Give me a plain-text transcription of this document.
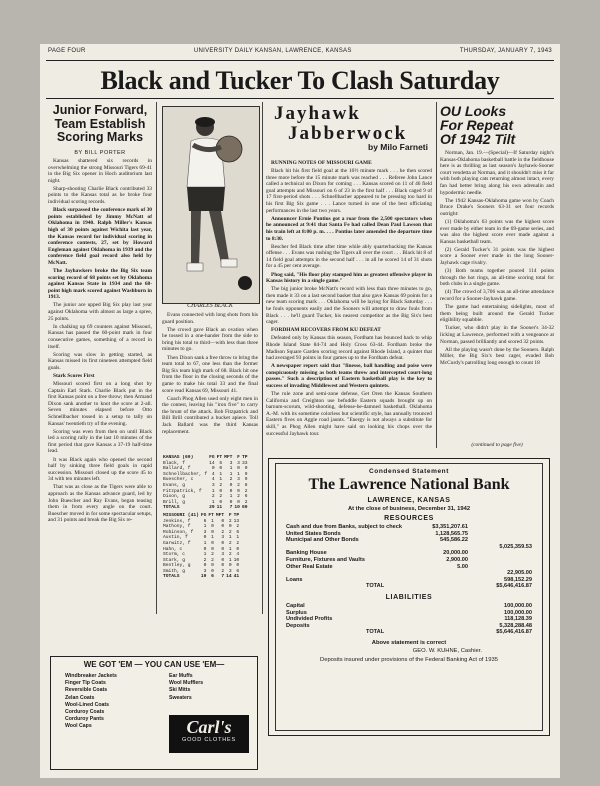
PAGE FOUR	UNIVERSITY DAILY KANSAN, LAWRENCE, KANSAS	THURSDAY, JANUARY 7, 1943
Black and Tucker To Clash Saturday
Junior Forward,
Team Establish
Scoring Marks
BY BILL PORTER

Kansas shattered six records in overwhelming the strong Missouri Tigers 69-41 in the Big Six opener in Hoch auditorium last night.

Sharp-shooting Charlie Black contributed 33 points to the Kansas total as he broke four individual scoring records.

Black surpassed the conference mark of 30 points established by Jimmy McNatt of Oklahoma in 1940. Ralph Miller's Kansas high of 30 points against Wichita last year, the Kansas record for individual scoring in conference contests, 27, set by Howard Engleman against Oklahoma in 1939 and the conference field goal record also held by McNatt.

The Jayhawkers broke the Big Six team scoring record of 68 points set by Oklahoma against Kansas State in 1934 and the 68-point high mark scored against Washburn in 1913.

The junior ace upped Big Six play last year against Oklahoma with almost as large a spree, 25 points.

In chalking up 69 counters against Missouri, Kansas has passed the 60-point mark in four consecutive games, something of a record in itself.

Scoring was slow in getting started, as Kansas missed its first nineteen attempted field goals.

Stark Scores First

Missouri scored first on a long shot by Captain Earl Stark. Charlie Black put in the first Kansas point on a free throw; then Armand Dixon sank another to knot the score at 2-all. Seven minutes elapsed before Otto Schnellbacher tossed in a setup to tally on Kansas' twentieth try of the evening.

Scoring was even from then on until Black led a scoring rally in the last 10 minutes of the first period that gave Kansas a 37-19 half-time lead.

It was Black again who opened the second half by sinking three field goals in rapid succession. Missouri closed up the score 45 to 34 with ten minutes left.

That was as close as the Tigers were able to approach as the Kansas advance guard, led by John Buescher and Ray Evans, began teasing them in from every angle on the court. Buescher moved in for some spectacular setups, and 31 points and break the Big Six re-

CHARLES BLACK

Evans connected with long shots from his guard position.

The crowd gave Black an ovation when he tossed in a one-hander from the side to bring his total to third—with less than three minutes to go.

Then Dixon sank a free throw to bring the team total to 67, one less than the former Big Six team high mark of 68. Black hit one from the floor in the closing seconds of the game to make his total 33 and the final score read Kansas 69, Missouri 41.

Coach Phog Allen used only eight men in the contest, leaving his "iron five" to carry the brunt of the attack. Bob Fitzpatrick and Bill Brill contributed a bucket apiece. Toll Jack Ballard was the third Kansas replacement.

KANSAS (69)	FG	FT	MFT	F	TP
Black, f	14	5	3	3	33
Ballard, f	0	0	1	0	0
Schnellbacher, f	4	1	1	1	9
Buescher, c	4	1	2	3	9
Evans, g	3	2	0	2	8
Fitzpatrick, f	1	0	0	0	2
Dixon, g	2	2	1	2	6
Brill, g	1	0	0	0	2
TOTALS	29	11	7	10	69
MISSOURI (41)	FG	FT	MFT	F	TP
Jenkins, f	6	1	0	2	13
Mathony, f	1	0	0	0	2
Robinson, f	3	0	2	2	6
Austin, f	0	1	3	1	1
Garwitz, f	1	0	0	2	2
Hahn, c	0	0	0	1	0
Storm, c	1	2	3	2	4
Stark, g	2	2	0	1	10
Bentley, g	0	0	0	0	0
Smith, g	3	0	2	3	6
TOTALS	19	6	7	14	41
Jayhawk
Jabberwock
by Milo Farneti

RUNNING NOTES OF MISSOURI GAME

Black hit his first field goal at the 10½ minute mark . . . he then scored three more before the 15 minute mark was reached . . . Referee John Lance called a technical on Dixon for coming . . . Kansas scored on 11 of 46 field goal attempts and Missouri on 6 of 23 in the first half . . . Black caged 9 of 17 first-period shots . . . Schnellbacher appeared to be pressing too hard in his first Big Six game . . . Lance turned in one of the best officiating performances in the last two years.

Announcer Ernie Pontius got a roar from the 2,500 spectators when he announced at 9:41 that Santa Fe had called Dean Paul Lawson that his train left at 8:00 p. m. . . . Pontius later amended the departure time to 8:30.

Bescher fed Black time after time while ably quarterbacking the Kansas offense . . . Evans was rushing the Tigers all over the court . . . Black hit 8 of 14 field goal attempts in the second half . . . in all he scored 14 of 31 shots for a 45 per cent average.

Phog said, "His floor play stamped him as greatest offensive player in Kansas history in a single game."

The big junior broke McNatt's record with less than three minutes to go, then made it 33 on a last second basket that also gave Kansas 69 points for a new team scoring mark . . . Oklahoma will be laying for Black Saturday . . . he fouls opponents easily and the Sooners will attempt to draw fouls from Black . . . he'll guard Tucker, his nearest competitor as the Big Six's best cager.

FORDHAM RECOVERS FROM KU DEFEAT

Defeated only by Kansas this season, Fordham has bounced back to whip Rhode Island State 84-74 and Holy Cross 63-44. Fordham broke the Madison Square Garden scoring record against Rhode Island, a quintet that had averaged 93 points in four games up to the Fordham defeat.

A newspaper report said that "finesse, ball handling and poise were conspicuously missing as both teams threw and intercepted court-long passes." Such a description of Eastern basketball play is the key to success of invading Middlewest and Western quintets.

The rule zone and semi-zone defense, Get Oren the Kansas Southern California and Creighton use befuddle Eastern squads brought up on barnum-scorum, wild-shooting, defense-be-damned basketball. Oklahoma A.-M. with its sometime colorless but scientific style, has annually trounced Eastern fives on Aggie road jaunts. "Energy is not always a substitute for skill," as Phog Allen might have said on looking his chops over the successful Jayhawk tour.

OU Looks
For Repeat
Of 1942 Tilt

Norman, Jan. 19.—(Special)—If Saturday night's Kansas-Oklahoma basketball battle in the fieldhouse here is as thrilling as last season's Jayhawk-Sooner court vendetta at Norman, and it shouldn't miss it far with both playing cats returning almost intact, every fan had better bring along his own adrenalin and hypodermic needle.

The 1942 Kansas-Oklahoma game won by Coach Bruce Drake's Sooners 63-31 set four records outright:

(1) Oklahoma's 63 points was the highest score ever made by either team in the 69-game series, and was also the highest score ever made against a Kansas basketball team.

(2) Gerald Tucker's 31 points was the highest score a Sooner ever made in the long Sooner-Jayhawk cage rivalry.

(3) Both teams together poured 114 points through the hot rings, an all-time scoring total for both clubs in a single game.

(4) The crowd of 3,706 was an all-time attendance record for a Sooner-Jayhawk game.

The game had entertaining sidelights, most of them being built around the Gerald Tucker eligibility squabble.

Tucker, who didn't play in the Sooner's 34-32 licking at Lawrence, performed with a vengeance at Norman, passed brilliantly and scored 32 points.

All the playing wasn't done by the Sooners. Ralph Miller, the Big Six's best cager, evaded Bob McCurdy's patrolling long enough to count 18

(continued to page five)
Condensed Statement
The Lawrence National Bank
LAWRENCE, KANSAS
At the close of business, December 31, 1942
RESOURCES
Cash and due from Banks, subject to check	$3,351,207.61
United States Bonds	1,128,565.75
Municipal and Other Bonds	545,586.22
5,025,359.53
Banking House	20,000.00
Furniture, Fixtures and Vaults	2,900.00
Other Real Estate	5.00
22,905.00
Loans	598,152.29
TOTAL	$5,646,416.87
LIABILITIES
Capital	100,000.00
Surplus	100,000.00
Undivided Profits	118,128.39
Deposits	5,328,288.48
TOTAL	$5,646,416.87
Above statement is correct
GEO. W. KUHNE, Cashier.
Deposits insured under provisions of the Federal Banking Act of 1935
WE GOT 'EM — YOU CAN USE 'EM—
Windbreaker Jackets
Finger Tip Coats
Reversible Coats
Zelan Coats
Wool-Lined Coats
Corduroy Coats
Corduroy Pants
Wool Caps
Ear Muffs
Wool Mufflers
Ski Mitts
Sweaters
Carl's
GOOD CLOTHES
